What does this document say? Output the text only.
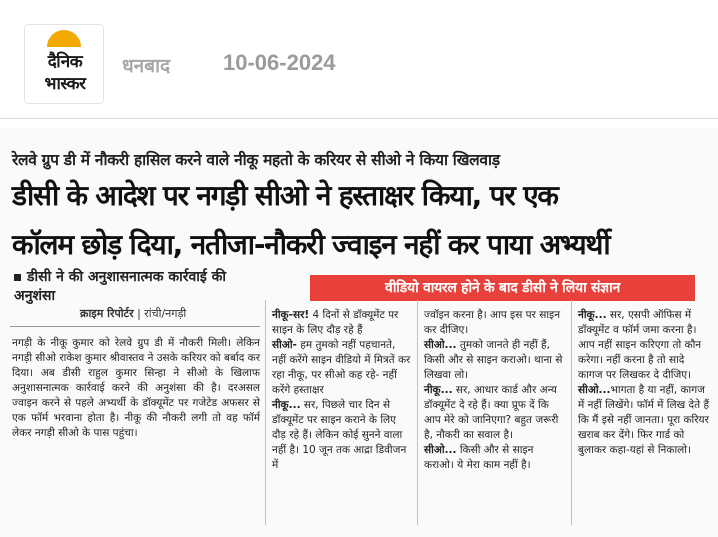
दैनिक
भास्कर
धनबाद 10-06-2024
रेलवे ग्रुप डी में नौकरी हासिल करने वाले नीकू महतो के करियर से सीओ ने किया खिलवाड़
डीसी के आदेश पर नगड़ी सीओ ने हस्ताक्षर किया, पर एक
कॉलम छोड़ दिया, नतीजा-नौकरी ज्वाइन नहीं कर पाया अभ्यर्थी
डीसी ने की अनुशासनात्मक कार्रवाई की अनुशंसा
क्राइम रिपोर्टर | रांची/नगड़ी
वीडियो वायरल होने के बाद डीसी ने लिया संज्ञान
नगड़ी के नीकू कुमार को रेलवे ग्रुप डी में नौकरी मिली। लेकिन नगड़ी सीओ राकेश कुमार श्रीवास्तव ने उसके करियर को बर्बाद कर दिया। अब डीसी राहुल कुमार सिन्हा ने सीओ के खिलाफ अनुशासनात्मक कार्रवाई करने की अनुशंसा की है। दरअसल ज्वाइन करने से पहले अभ्यर्थी के डॉक्यूमेंट पर गजेटेड अफसर से एक फॉर्म भरवाना होता है। नीकू की नौकरी लगी तो वह फॉर्म लेकर नगड़ी सीओ के पास पहुंचा।
नीकू-सर! 4 दिनों से डॉक्यूमेंट पर साइन के लिए दौड़ रहे हैं
सीओ- हम तुमको नहीं पहचानते, नहीं करेंगे साइन वीडियो में मित्रतें कर रहा नीकू, पर सीओ कह रहे- नहीं करेंगे हस्ताक्षर
नीकू... सर, पिछले चार दिन से डॉक्यूमेंट पर साइन कराने के लिए दौड़ रहे हैं। लेकिन कोई सुनने वाला नहीं है। 10 जून तक आद्रा डिवीजन में
ज्वॉइन करना है। आप इस पर साइन कर दीजिए।
सीओ... तुमको जानते ही नहीं हैं, किसी और से साइन कराओ। थाना से लिखवा लो।
नीकू... सर, आधार कार्ड और अन्य डॉक्यूमेंट दे रहे हैं। क्या प्रूफ दें कि आप मेरे को जानिएगा? बहुत जरूरी है, नौकरी का सवाल है।
सीओ... किसी और से साइन कराओ। ये मेरा काम नहीं है।
नीकू... सर, एसपी ऑफिस में डॉक्यूमेंट व फॉर्म जमा करना है। आप नहीं साइन करिएगा तो कौन करेगा। नहीं करना है तो सादे कागज पर लिखकर दे दीजिए।
सीओ...भागता है या नहीं, कागज में नहीं लिखेंगे। फॉर्म में लिख देते हैं कि मैं इसे नहीं जानता। पूरा करियर खराब कर देंगे। फिर गार्ड को बुलाकर कहा-यहां से निकालो।
